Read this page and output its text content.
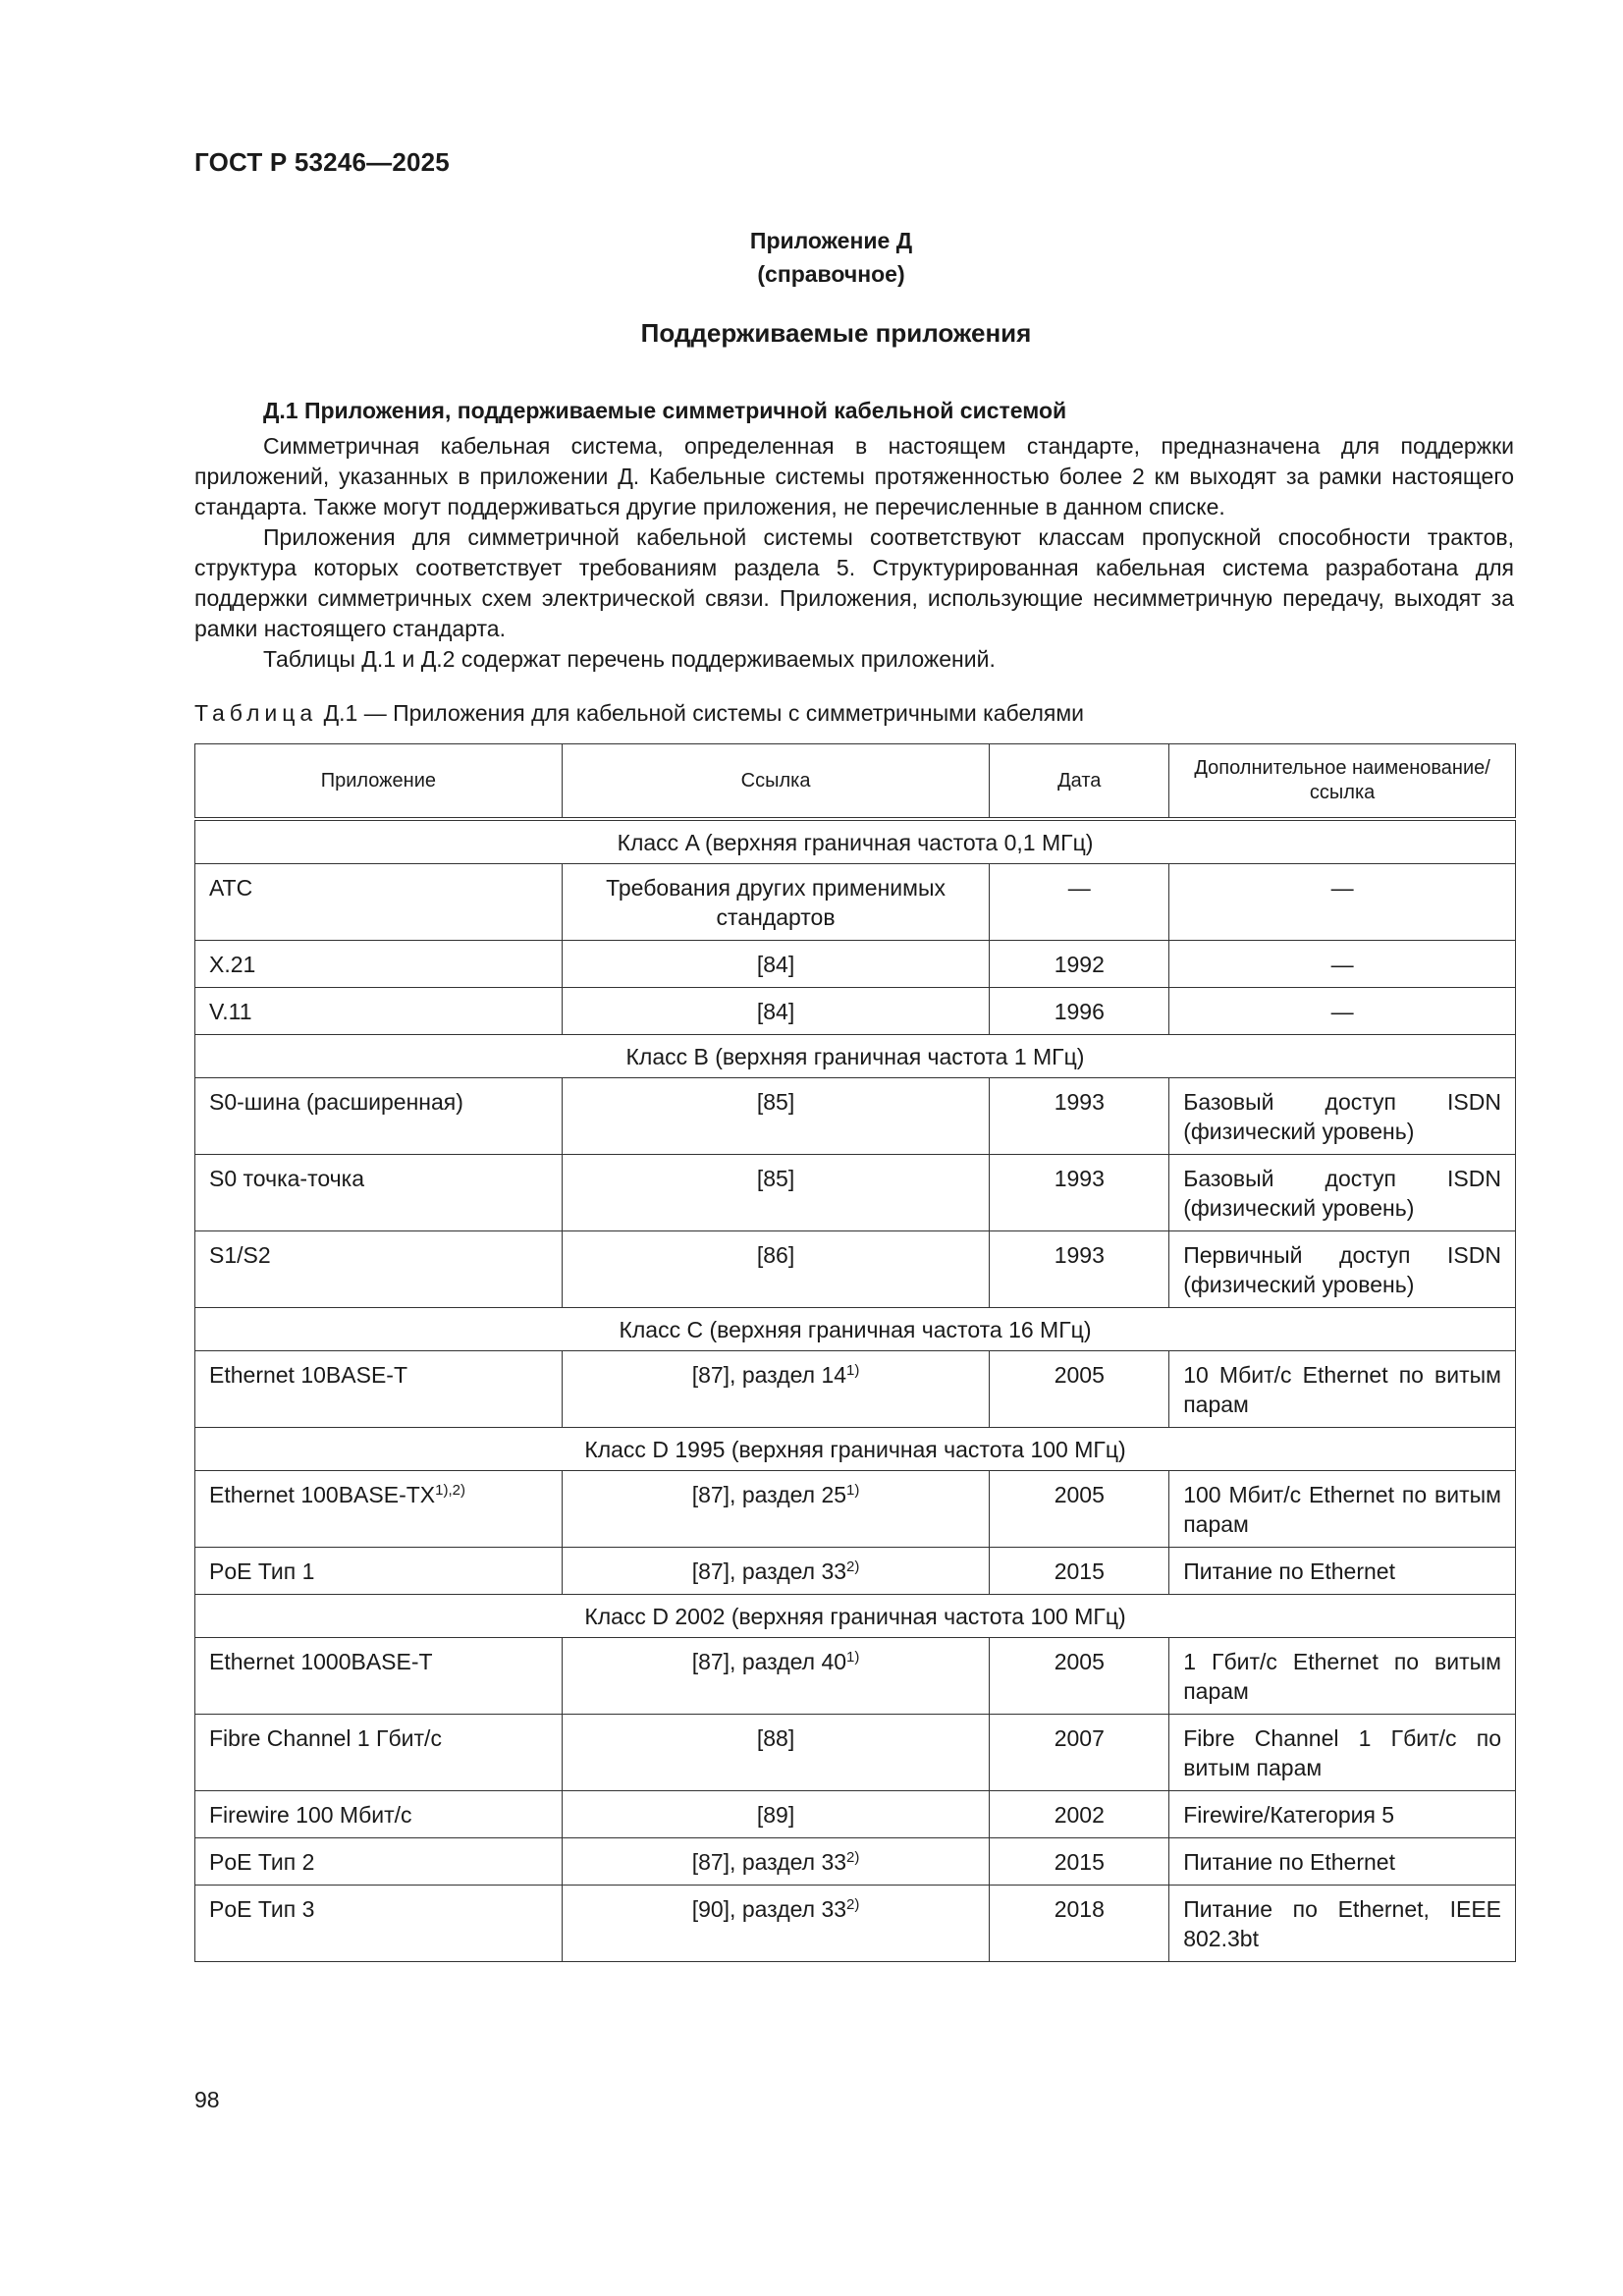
ГОСТ Р 53246—2025
Приложение Д
(справочное)
Поддерживаемые приложения
Д.1 Приложения, поддерживаемые симметричной кабельной системой

Симметричная кабельная система, определенная в настоящем стандарте, предназначена для поддержки приложений, указанных в приложении Д. Кабельные системы протяженностью более 2 км выходят за рамки настоящего стандарта. Также могут поддерживаться другие приложения, не перечисленные в данном списке.

Приложения для симметричной кабельной системы соответствуют классам пропускной способности трактов, структура которых соответствует требованиям раздела 5. Структурированная кабельная система разработана для поддержки симметричных схем электрической связи. Приложения, использующие несимметричную передачу, выходят за рамки настоящего стандарта.

Таблицы Д.1 и Д.2 содержат перечень поддерживаемых приложений.

Таблица Д.1 — Приложения для кабельной системы с симметричными кабелями
Приложение	Ссылка	Дата	Дополнительное наименование/ссылка
Класс A (верхняя граничная частота 0,1 МГц)			
АТС	Требования других применимых стандартов	—	—
X.21	[84]	1992	—
V.11	[84]	1996	—
Класс B (верхняя граничная частота 1 МГц)			
S0-шина (расширенная)	[85]	1993	Базовый доступ ISDN (физический уровень)
S0 точка-точка	[85]	1993	Базовый доступ ISDN (физический уровень)
S1/S2	[86]	1993	Первичный доступ ISDN (физический уровень)
Класс C (верхняя граничная частота 16 МГц)			
Ethernet 10BASE-T	[87], раздел 14$^{1)}$	2005	10 Мбит/с Ethernet по витым парам
Класс D 1995 (верхняя граничная частота 100 МГц)			
Ethernet $100BASE-TX^{1),2)}$	[87], раздел 25$^{1)}$	2005	100 Мбит/с Ethernet по витым парам
PoE Тип 1	[87], раздел 33$^{2)}$	2015	Питание по Ethernet
Класс D 2002 (верхняя граничная частота 100 МГц)			
Ethernet 1000BASE-T	[87], раздел 40$^{1)}$	2005	1 Гбит/с Ethernet по витым парам
Fibre Channel 1 Гбит/с	[88]	2007	Fibre Channel 1 Гбит/с по витым парам
Firewire 100 Мбит/с	[89]	2002	Firewire/Категория 5
PoE Тип 2	[87], раздел 33$^{2)}$	2015	Питание по Ethernet
PoE Тип 3	[90], раздел 33$^{2)}$	2018	Питание по Ethernet, IEEE 802.3bt
98
